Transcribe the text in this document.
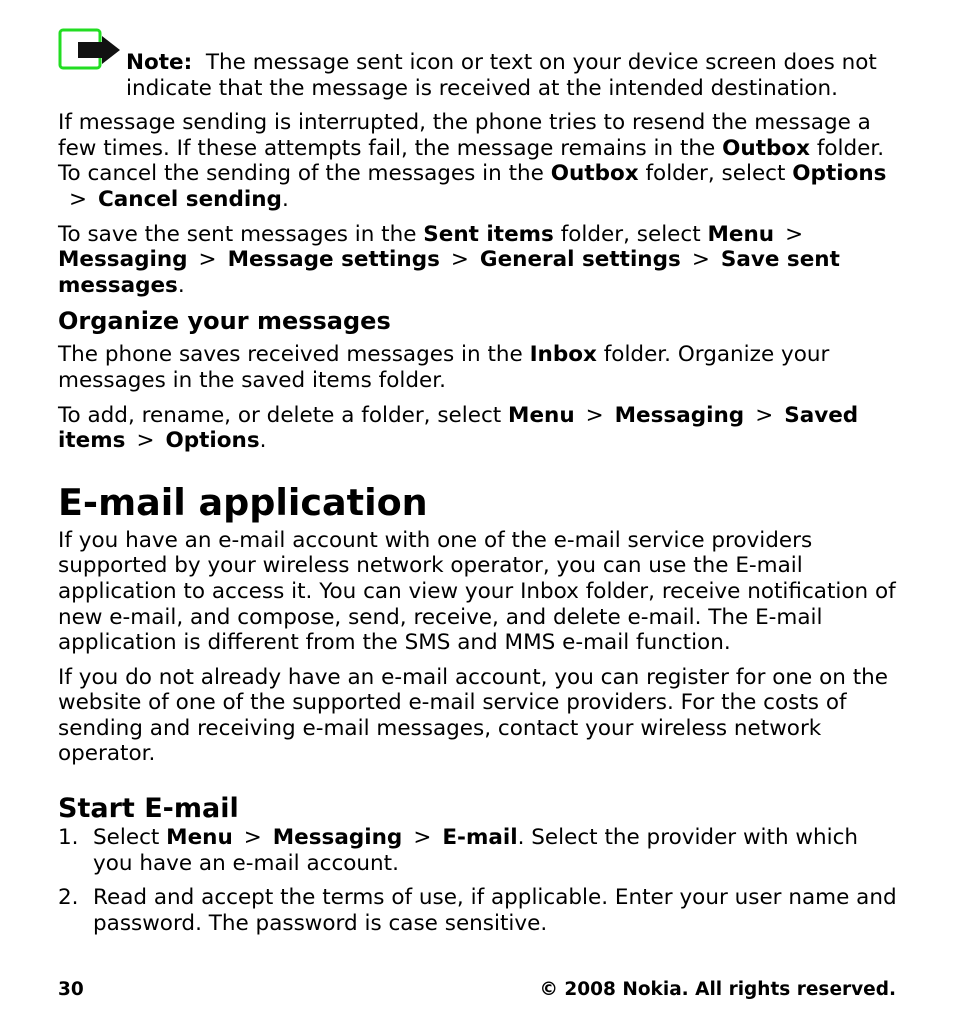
Note: The message sent icon or text on your device screen does not indicate that the message is received at the intended destination.

If message sending is interrupted, the phone tries to resend the message a few times. If these attempts fail, the message remains in the Outbox folder. To cancel the sending of the messages in the Outbox folder, select Options> Cancel sending.

To save the sent messages in the Sent items folder, select Menu >Messaging > Message settings > General settings > Save sent messages.

Organize your messages

The phone saves received messages in the Inbox folder. Organize your messages in the saved items folder.

To add, rename, or delete a folder, select Menu > Messaging > Saved items > Options.

E-mail application

If you have an e-mail account with one of the e-mail service providers supported by your wireless network operator, you can use the E-mail application to access it. You can view your Inbox folder, receive notification of new e-mail, and compose, send, receive, and delete e-mail. The E-mail application is different from the SMS and MMS e-mail function.

If you do not already have an e-mail account, you can register for one on the website of one of the supported e-mail service providers. For the costs of sending and receiving e-mail messages, contact your wireless network operator.

Start E-mail
1. Select Menu > Messaging > E-mail. Select the provider with which you have an e-mail account.
2. Read and accept the terms of use, if applicable. Enter your user name and password. The password is case sensitive.
30	© 2008 Nokia. All rights reserved.
